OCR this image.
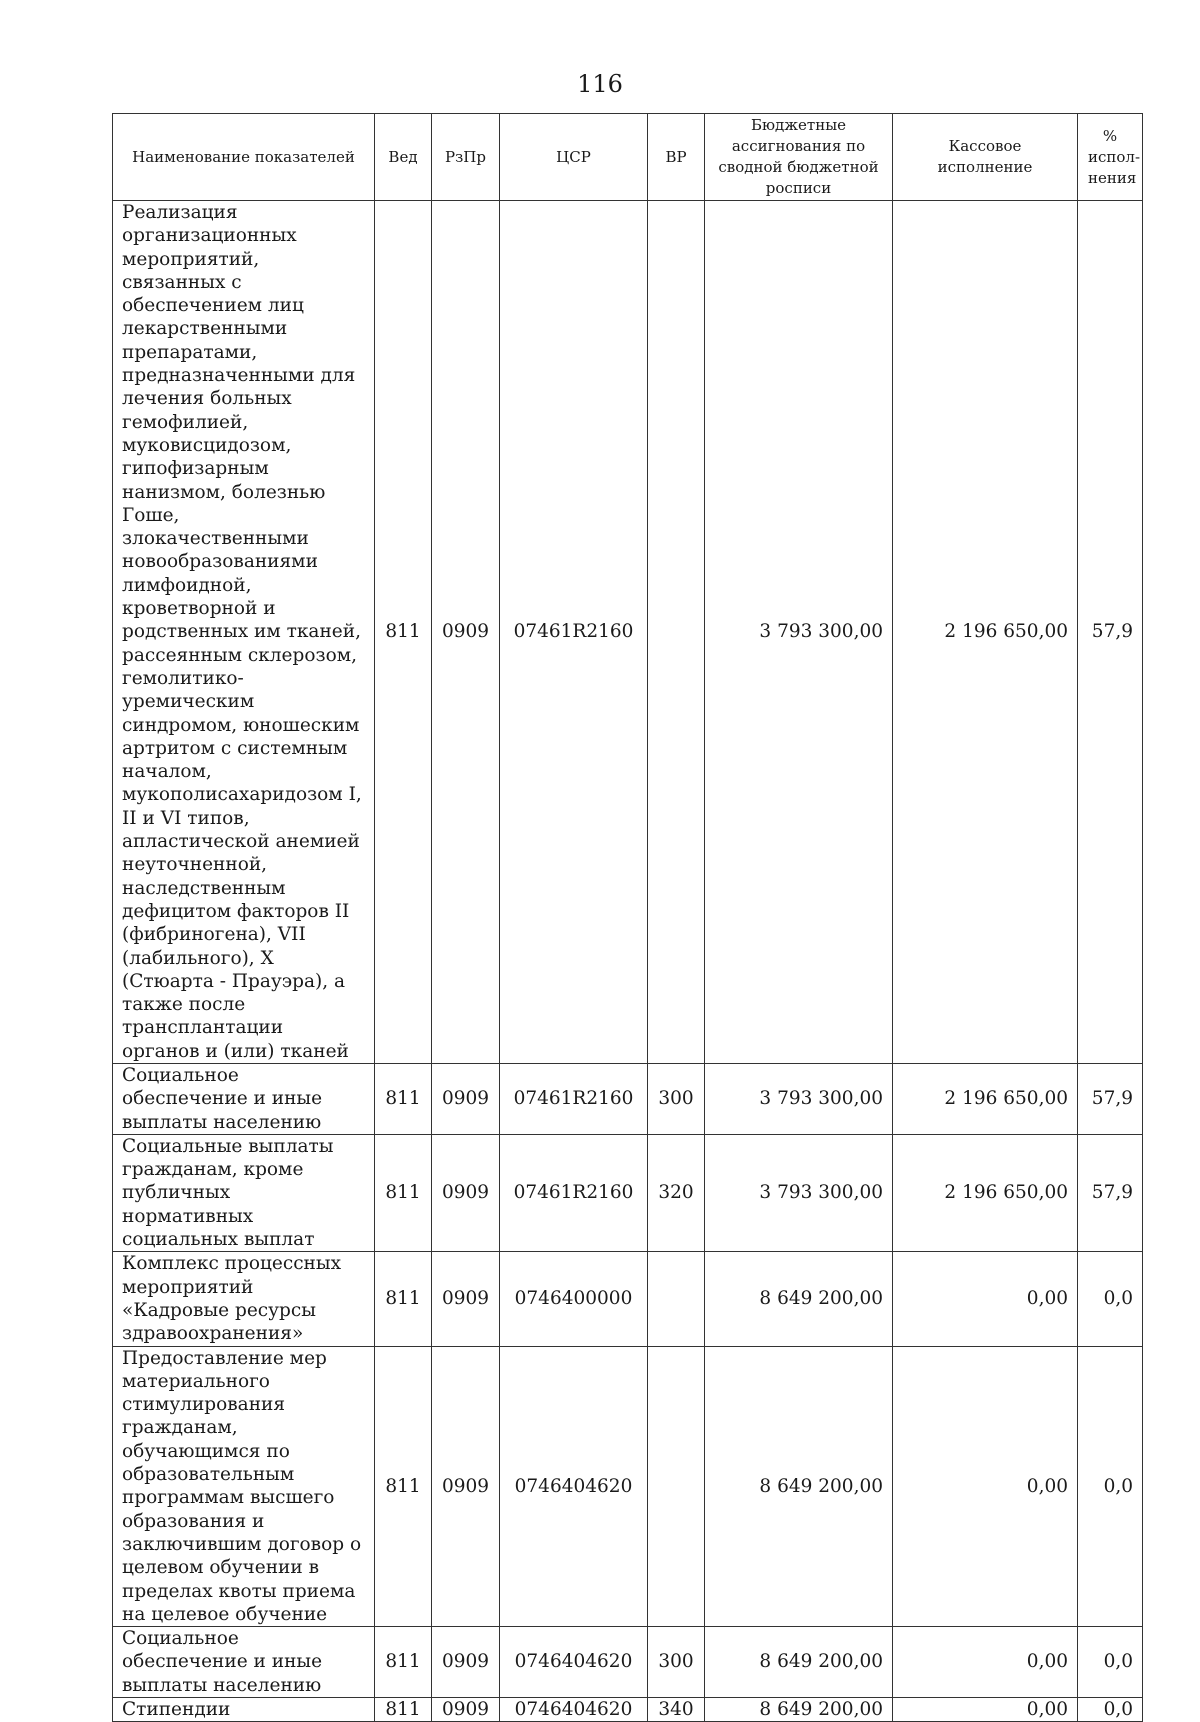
116
Наименование показателей	Вед	РзПр	ЦСР	ВР	Бюджетные ассигнования по сводной бюджетной росписи	Кассовое исполнение	% испол-нения
Реализация организационных мероприятий, связанных с обеспечением лиц лекарственными препаратами, предназначенными для лечения больных гемофилией, муковисцидозом, гипофизарным нанизмом, болезнью Гоше, злокачественными новообразованиями лимфоидной, кроветворной и родственных им тканей, рассеянным склерозом, гемолитико-уремическим синдромом, юношеским артритом с системным началом, мукополисахаридозом I, II и VI типов, апластической анемией неуточненной, наследственным дефицитом факторов II (фибриногена), VII (лабильного), X (Стюарта - Прауэра), а также после трансплантации органов и (или) тканей	811	0909	07461R2160		3 793 300,00	2 196 650,00	57,9
Социальное обеспечение и иные выплаты населению	811	0909	07461R2160	300	3 793 300,00	2 196 650,00	57,9
Социальные выплаты гражданам, кроме публичных нормативных социальных выплат	811	0909	07461R2160	320	3 793 300,00	2 196 650,00	57,9
Комплекс процессных мероприятий «Кадровые ресурсы здравоохранения»	811	0909	0746400000		8 649 200,00	0,00	0,0
Предоставление мер материального стимулирования гражданам, обучающимся по образовательным программам высшего образования и заключившим договор о целевом обучении в пределах квоты приема на целевое обучение	811	0909	0746404620		8 649 200,00	0,00	0,0
Социальное обеспечение и иные выплаты населению	811	0909	0746404620	300	8 649 200,00	0,00	0,0
Стипендии	811	0909	0746404620	340	8 649 200,00	0,00	0,0
